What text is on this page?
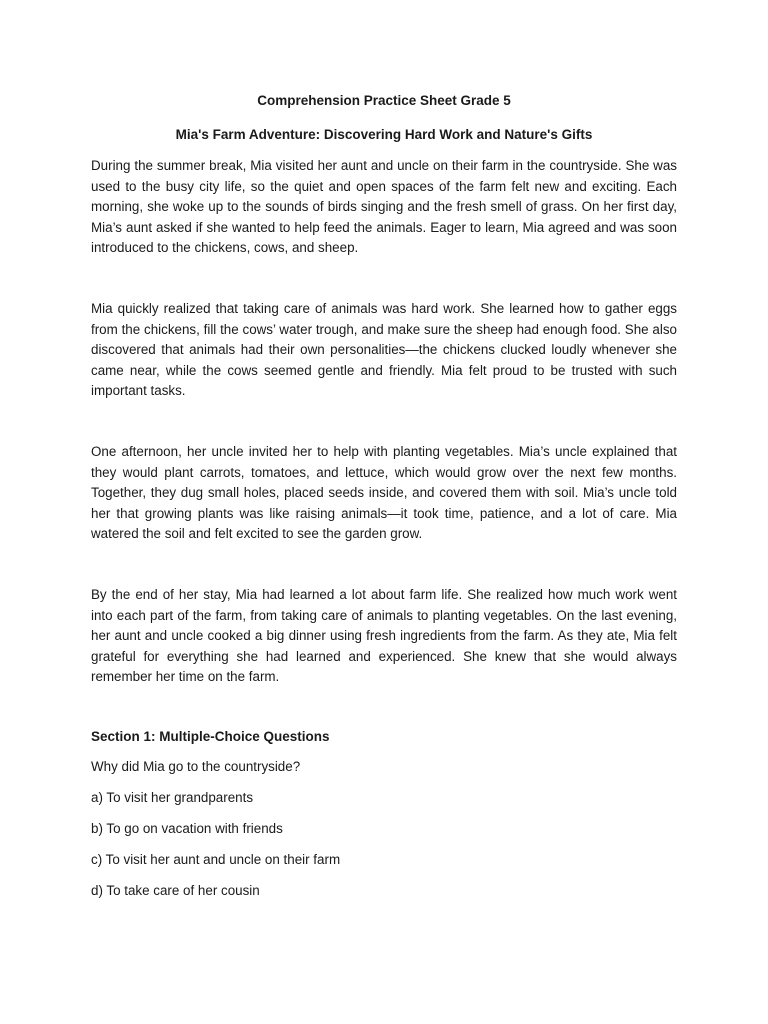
Comprehension Practice Sheet Grade 5
Mia's Farm Adventure: Discovering Hard Work and Nature's Gifts

During the summer break, Mia visited her aunt and uncle on their farm in the countryside. She was used to the busy city life, so the quiet and open spaces of the farm felt new and exciting. Each morning, she woke up to the sounds of birds singing and the fresh smell of grass. On her first day, Mia’s aunt asked if she wanted to help feed the animals. Eager to learn, Mia agreed and was soon introduced to the chickens, cows, and sheep.

Mia quickly realized that taking care of animals was hard work. She learned how to gather eggs from the chickens, fill the cows’ water trough, and make sure the sheep had enough food. She also discovered that animals had their own personalities—the chickens clucked loudly whenever she came near, while the cows seemed gentle and friendly. Mia felt proud to be trusted with such important tasks.

One afternoon, her uncle invited her to help with planting vegetables. Mia’s uncle explained that they would plant carrots, tomatoes, and lettuce, which would grow over the next few months. Together, they dug small holes, placed seeds inside, and covered them with soil. Mia’s uncle told her that growing plants was like raising animals—it took time, patience, and a lot of care. Mia watered the soil and felt excited to see the garden grow.

By the end of her stay, Mia had learned a lot about farm life. She realized how much work went into each part of the farm, from taking care of animals to planting vegetables. On the last evening, her aunt and uncle cooked a big dinner using fresh ingredients from the farm. As they ate, Mia felt grateful for everything she had learned and experienced. She knew that she would always remember her time on the farm.

Section 1: Multiple-Choice Questions

Why did Mia go to the countryside?

a) To visit her grandparents

b) To go on vacation with friends

c) To visit her aunt and uncle on their farm

d) To take care of her cousin
